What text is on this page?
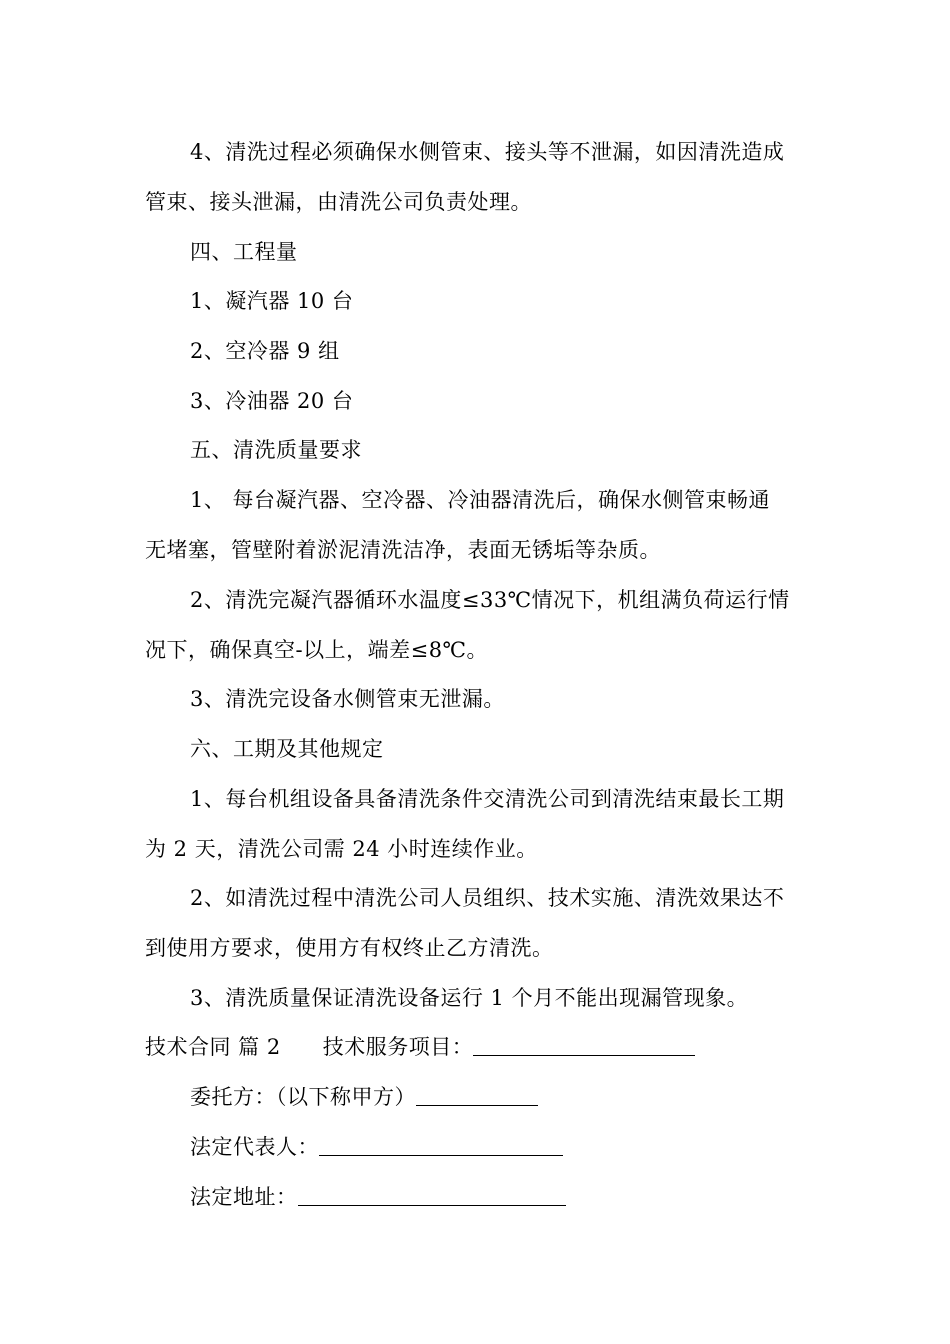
4、清洗过程必须确保水侧管束、接头等不泄漏，如因清洗造成
管束、接头泄漏，由清洗公司负责处理。
四、工程量
1、凝汽器 10 台
2、空冷器 9 组
3、冷油器 20 台
五、清洗质量要求
1、 每台凝汽器、空冷器、冷油器清洗后，确保水侧管束畅通
无堵塞，管壁附着淤泥清洗洁净，表面无锈垢等杂质。
2、清洗完凝汽器循环水温度≤33℃情况下，机组满负荷运行情
况下，确保真空-以上，端差≤8℃。
3、清洗完设备水侧管束无泄漏。
六、工期及其他规定
1、每台机组设备具备清洗条件交清洗公司到清洗结束最长工期
为 2 天，清洗公司需 24 小时连续作业。
2、如清洗过程中清洗公司人员组织、技术实施、清洗效果达不
到使用方要求，使用方有权终止乙方清洗。
3、清洗质量保证清洗设备运行 1 个月不能出现漏管现象。
技术合同 篇 2 技术服务项目：
委托方：（以下称甲方）
法定代表人：
法定地址：
